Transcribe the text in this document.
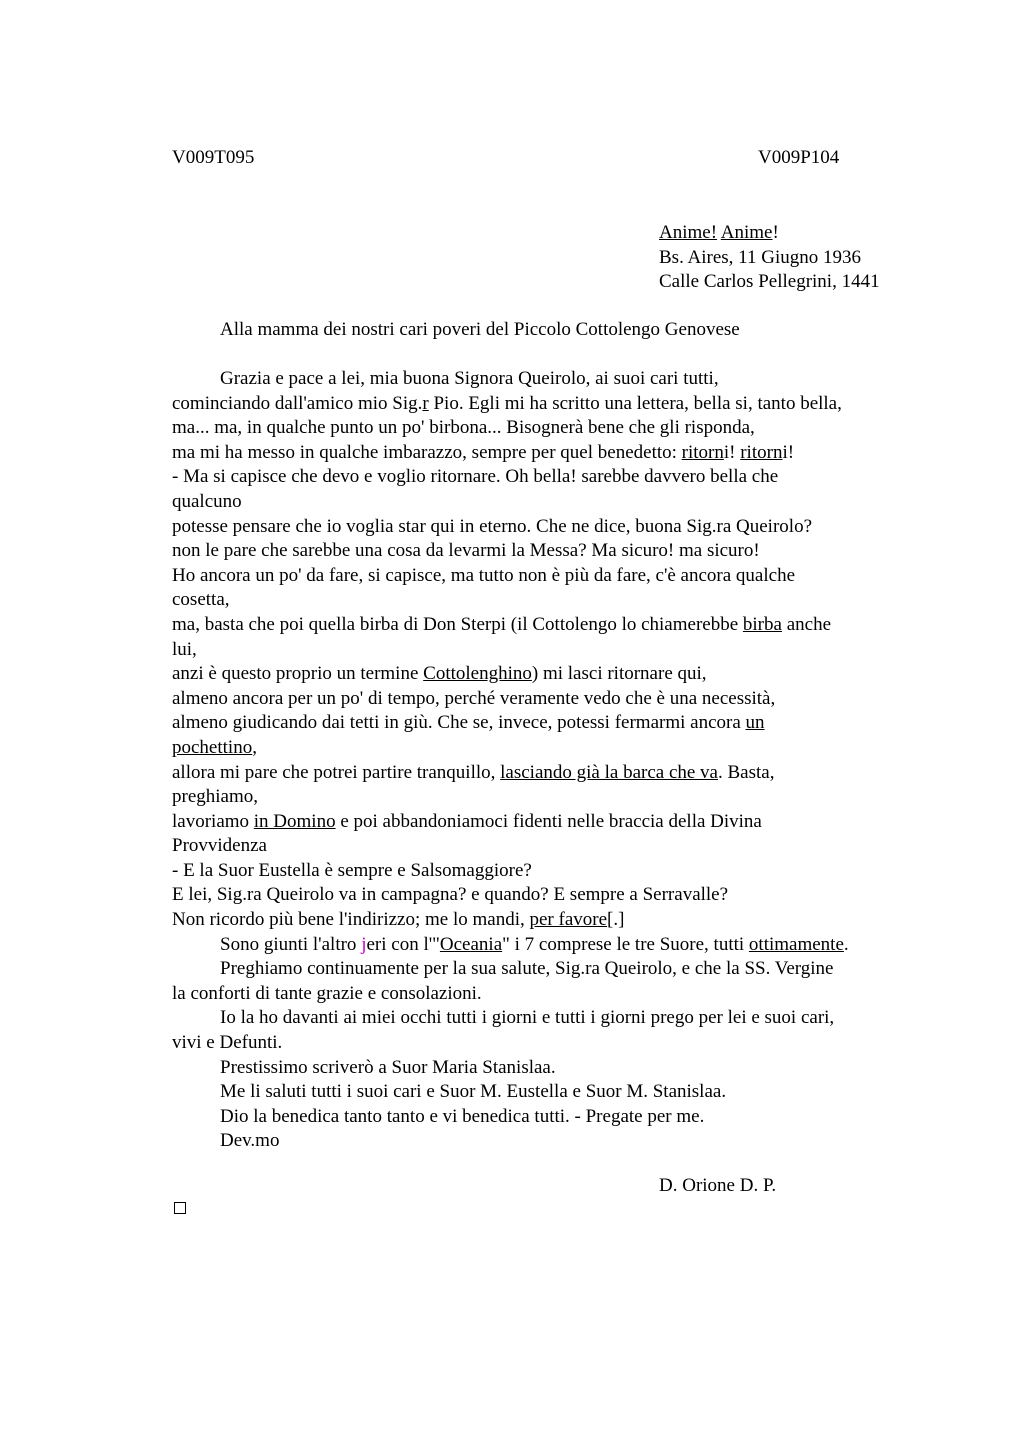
V009T095	V009P104
Anime! Anime!
Bs. Aires, 11 Giugno 1936
Calle Carlos Pellegrini, 1441
Alla mamma dei nostri cari poveri del Piccolo Cottolengo Genovese
Grazia e pace a lei, mia buona Signora Queirolo, ai suoi cari tutti,
cominciando dall'amico mio Sig.r Pio. Egli mi ha scritto una lettera, bella si, tanto bella,
ma... ma, in qualche punto un po' birbona... Bisognerà bene che gli risponda,
ma mi ha messo in qualche imbarazzo, sempre per quel benedetto: ritorni! ritorni!
- Ma si capisce che devo e voglio ritornare. Oh bella! sarebbe davvero bella che
qualcuno
potesse pensare che io voglia star qui in eterno. Che ne dice, buona Sig.ra Queirolo?
non le pare che sarebbe una cosa da levarmi la Messa? Ma sicuro! ma sicuro!
Ho ancora un po' da fare, si capisce, ma tutto non è più da fare, c'è ancora qualche
cosetta,
ma, basta che poi quella birba di Don Sterpi (il Cottolengo lo chiamerebbe birba anche
lui,
anzi è questo proprio un termine Cottolenghino) mi lasci ritornare qui,
almeno ancora per un po' di tempo, perché veramente vedo che è una necessità,
almeno giudicando dai tetti in giù. Che se, invece, potessi fermarmi ancora un
pochettino,
allora mi pare che potrei partire tranquillo, lasciando già la barca che va. Basta,
preghiamo,
lavoriamo in Domino e poi abbandoniamoci fidenti nelle braccia della Divina
Provvidenza
- E la Suor Eustella è sempre e Salsomaggiore?
E lei, Sig.ra Queirolo va in campagna? e quando? E sempre a Serravalle?
Non ricordo più bene l'indirizzo; me lo mandi, per favore[.]
Sono giunti l'altro jeri con l'"Oceania" i 7 comprese le tre Suore, tutti ottimamente.
Preghiamo continuamente per la sua salute, Sig.ra Queirolo, e che la SS. Vergine
la conforti di tante grazie e consolazioni.
Io la ho davanti ai miei occhi tutti i giorni e tutti i giorni prego per lei e suoi cari,
vivi e Defunti.
Prestissimo scriverò a Suor Maria Stanislaa.
Me li saluti tutti i suoi cari e Suor M. Eustella e Suor M. Stanislaa.
Dio la benedica tanto tanto e vi benedica tutti. - Pregate per me.
Dev.mo
D. Orione D. P.
